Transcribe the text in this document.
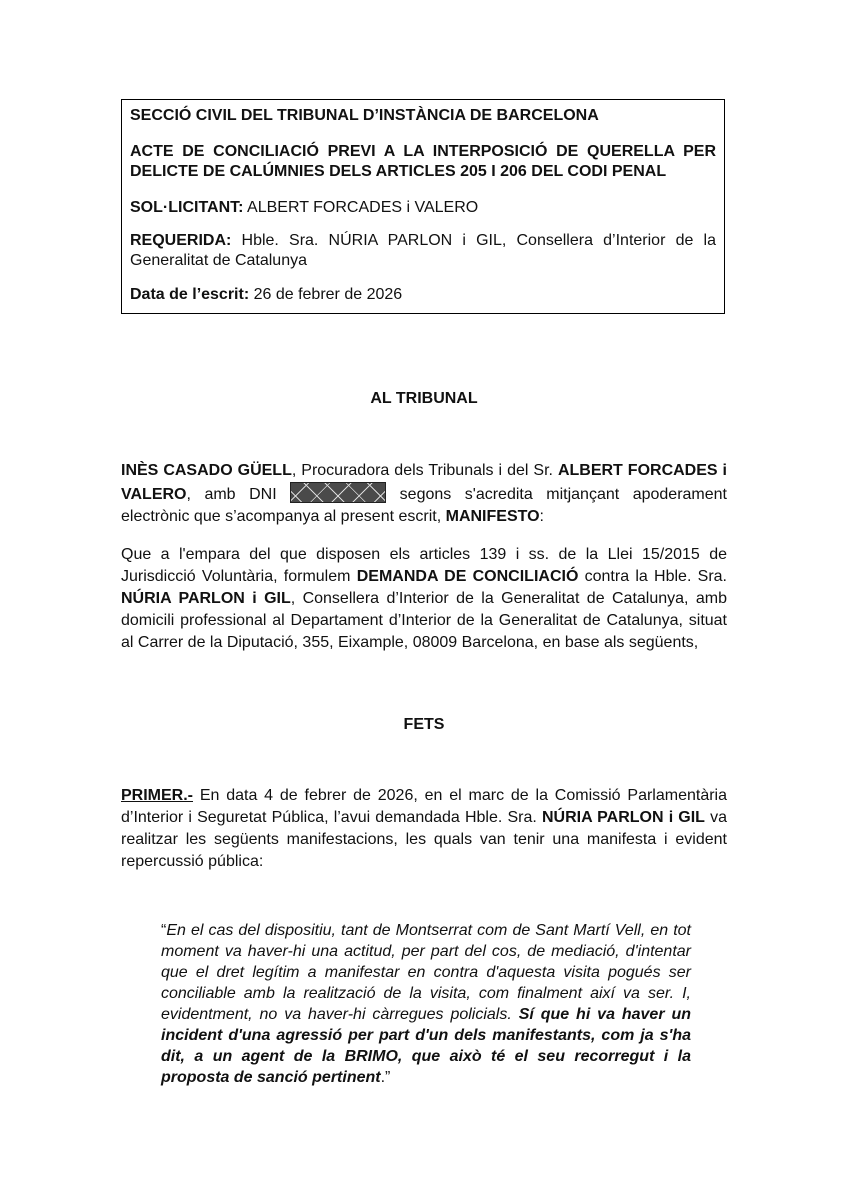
SECCIÓ CIVIL DEL TRIBUNAL D’INSTÀNCIA DE BARCELONA

ACTE DE CONCILIACIÓ PREVI A LA INTERPOSICIÓ DE QUERELLA PER DELICTE DE CALÚMNIES DELS ARTICLES 205 I 206 DEL CODI PENAL

SOL·LICITANT: ALBERT FORCADES i VALERO

REQUERIDA: Hble. Sra. NÚRIA PARLON i GIL, Consellera d’Interior de la Generalitat de Catalunya

Data de l’escrit: 26 de febrer de 2026

AL TRIBUNAL

INÈS CASADO GÜELL, Procuradora dels Tribunals i del Sr. ALBERT FORCADES i VALERO, amb DNI	segons s'acredita mitjançant apoderament electrònic que s’acompanya al present escrit, MANIFESTO:

Que a l'empara del que disposen els articles 139 i ss. de la Llei 15/2015 de Jurisdicció Voluntària, formulem DEMANDA DE CONCILIACIÓ contra la Hble. Sra. NÚRIA PARLON i GIL, Consellera d’Interior de la Generalitat de Catalunya, amb domicili professional al Departament d’Interior de la Generalitat de Catalunya, situat al Carrer de la Diputació, 355, Eixample, 08009 Barcelona, en base als següents,

FETS

PRIMER.- En data 4 de febrer de 2026, en el marc de la Comissió Parlamentària d’Interior i Seguretat Pública, l’avui demandada Hble. Sra. NÚRIA PARLON i GIL va realitzar les següents manifestacions, les quals van tenir una manifesta i evident repercussió pública:

“En el cas del dispositiu, tant de Montserrat com de Sant Martí Vell, en tot moment va haver-hi una actitud, per part del cos, de mediació, d'intentar que el dret legítim a manifestar en contra d'aquesta visita pogués ser conciliable amb la realització de la visita, com finalment així va ser. I, evidentment, no va haver-hi càrregues policials. Sí que hi va haver un incident d'una agressió per part d'un dels manifestants, com ja s'ha dit, a un agent de la BRIMO, que això té el seu recorregut i la proposta de sanció pertinent.”
